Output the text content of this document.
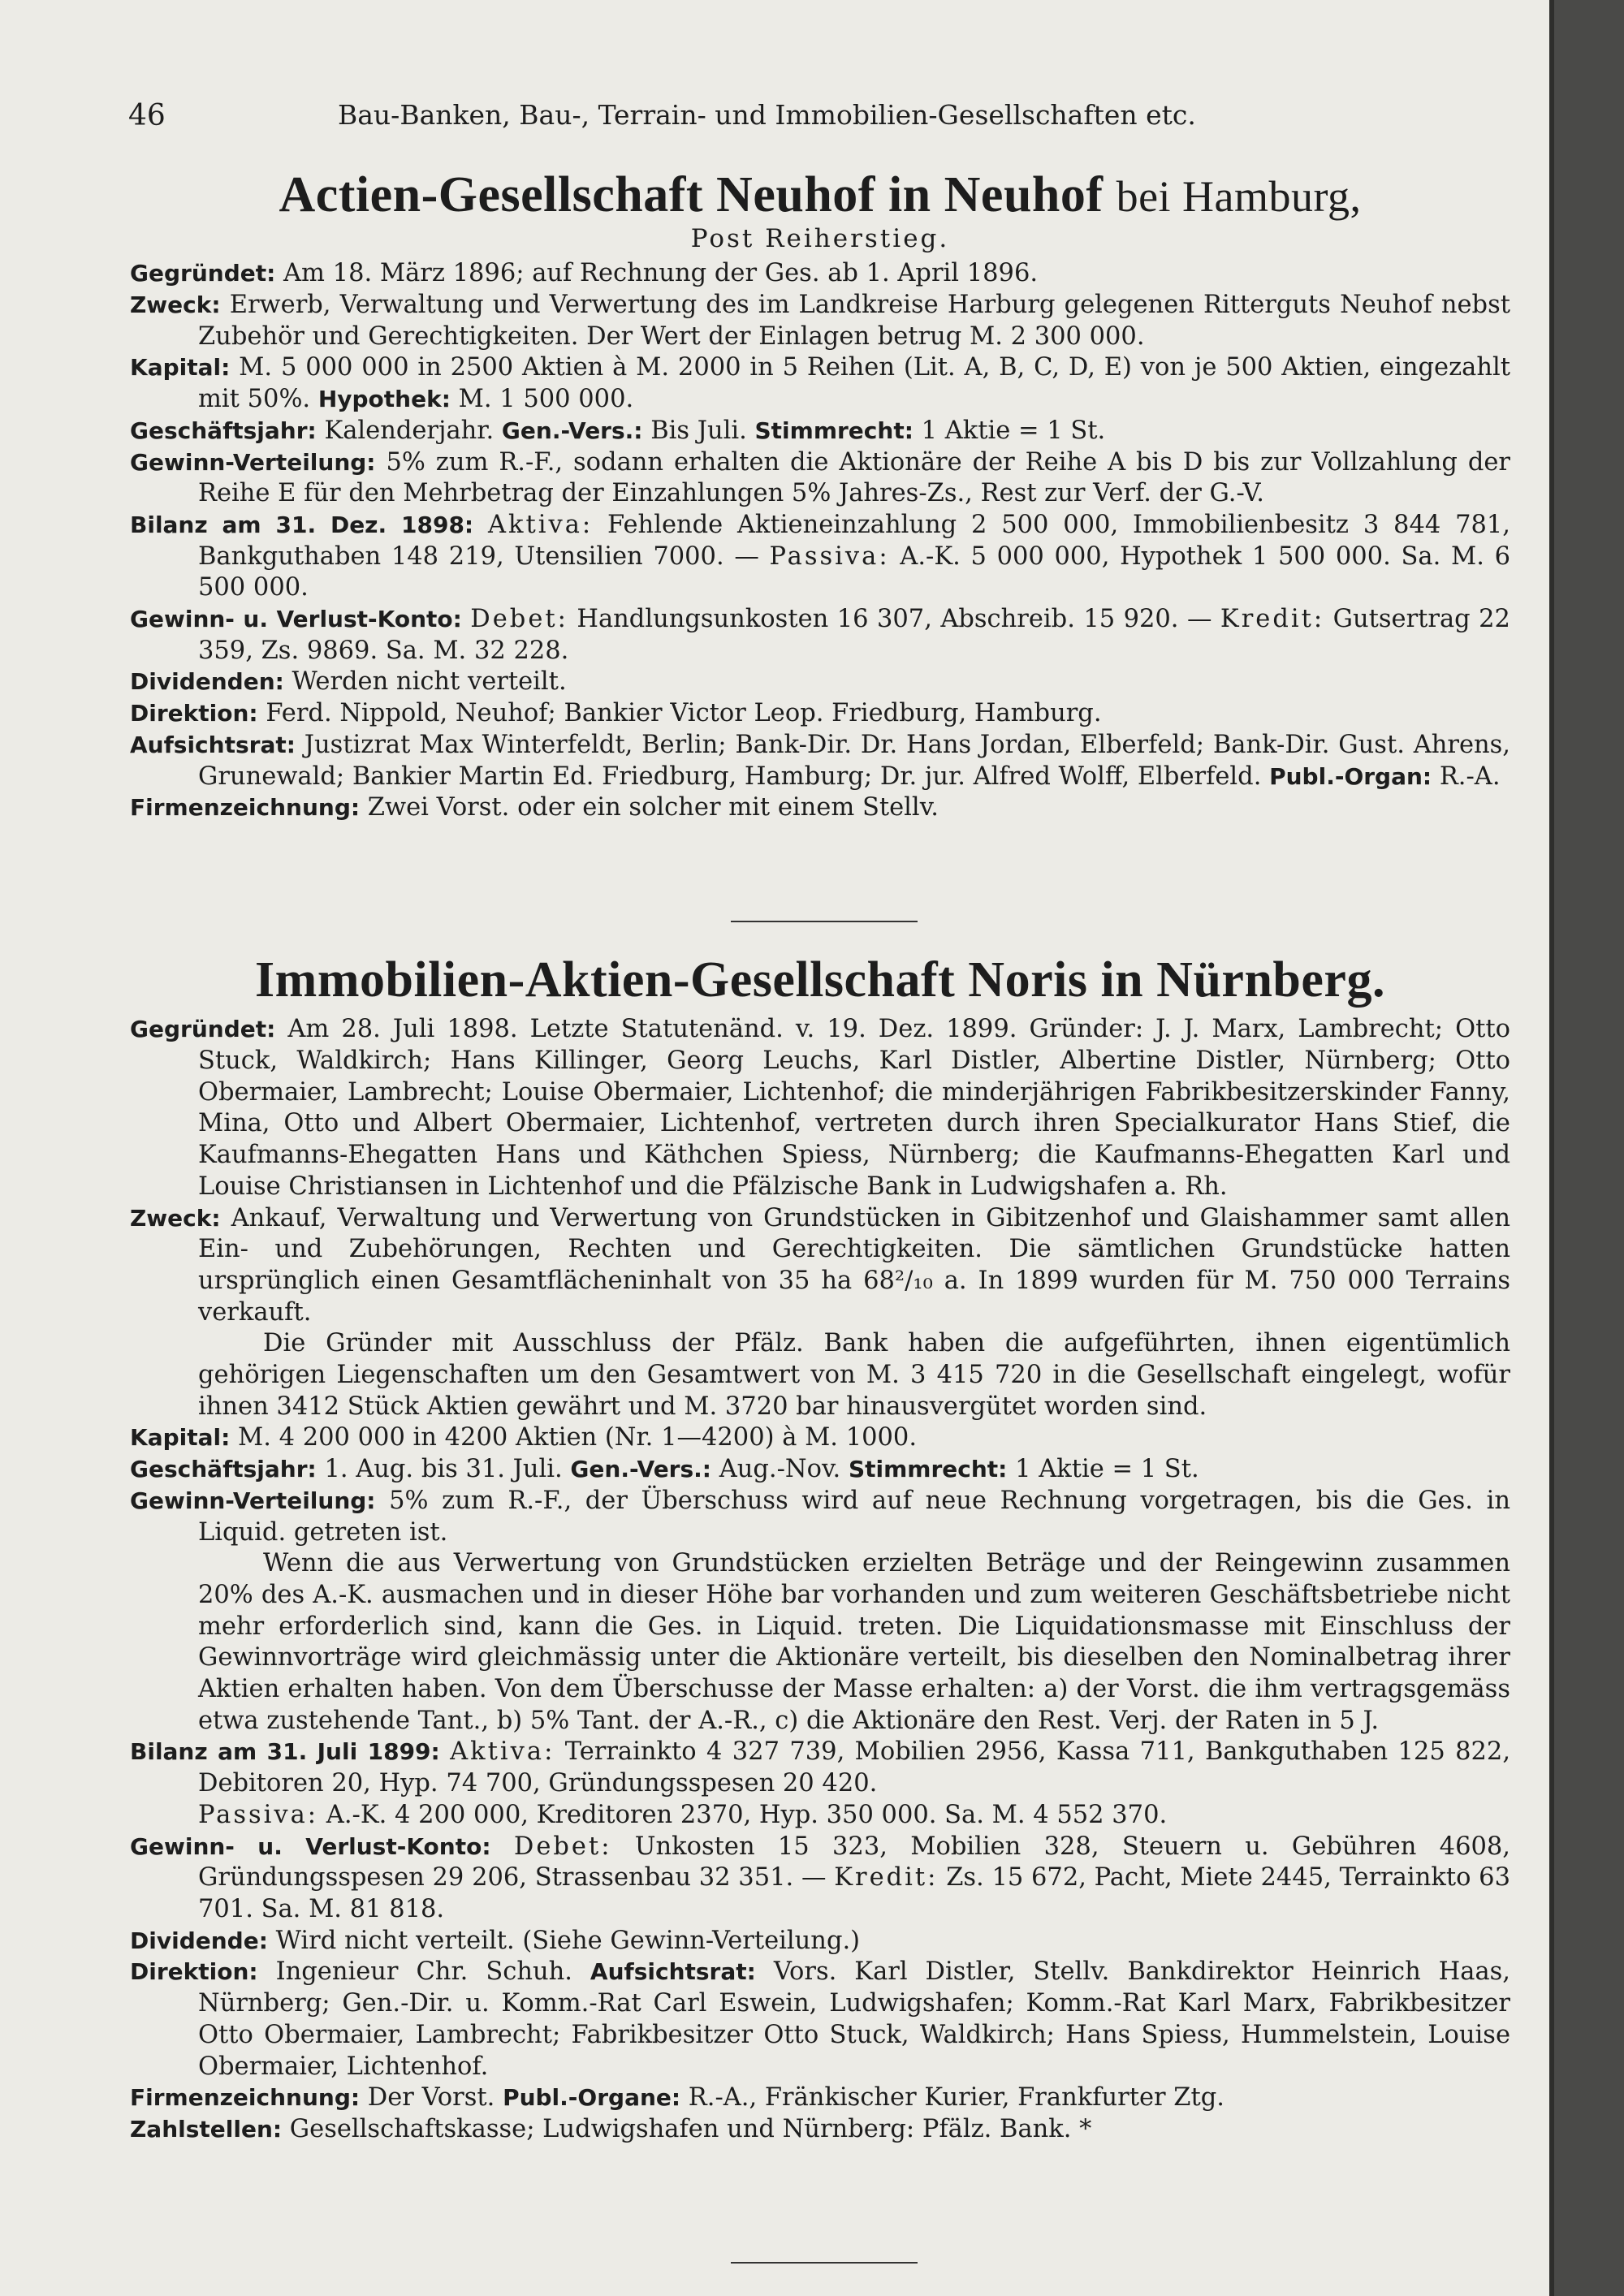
46	Bau-Banken, Bau-, Terrain- und Immobilien-Gesellschaften etc.
Actien-Gesellschaft Neuhof in Neuhof bei Hamburg,

Post Reiherstieg.

Gegründet: Am 18. März 1896; auf Rechnung der Ges. ab 1. April 1896.

Zweck: Erwerb, Verwaltung und Verwertung des im Landkreise Harburg gelegenen Ritterguts Neuhof nebst Zubehör und Gerechtigkeiten. Der Wert der Einlagen betrug M. 2 300 000.

Kapital: M. 5 000 000 in 2500 Aktien à M. 2000 in 5 Reihen (Lit. A, B, C, D, E) von je 500 Aktien, eingezahlt mit 50%. Hypothek: M. 1 500 000.

Geschäftsjahr: Kalenderjahr. Gen.-Vers.: Bis Juli. Stimmrecht: 1 Aktie = 1 St.

Gewinn-Verteilung: 5% zum R.-F., sodann erhalten die Aktionäre der Reihe A bis D bis zur Vollzahlung der Reihe E für den Mehrbetrag der Einzahlungen 5% Jahres-Zs., Rest zur Verf. der G.-V.

Bilanz am 31. Dez. 1898: Aktiva: Fehlende Aktieneinzahlung 2 500 000, Immobilienbesitz 3 844 781, Bankguthaben 148 219, Utensilien 7000. — Passiva: A.-K. 5 000 000, Hypothek 1 500 000. Sa. M. 6 500 000.

Gewinn- u. Verlust-Konto: Debet: Handlungsunkosten 16 307, Abschreib. 15 920. — Kredit: Gutsertrag 22 359, Zs. 9869. Sa. M. 32 228.

Dividenden: Werden nicht verteilt.

Direktion: Ferd. Nippold, Neuhof; Bankier Victor Leop. Friedburg, Hamburg.

Aufsichtsrat: Justizrat Max Winterfeldt, Berlin; Bank-Dir. Dr. Hans Jordan, Elberfeld; Bank-Dir. Gust. Ahrens, Grunewald; Bankier Martin Ed. Friedburg, Hamburg; Dr. jur. Alfred Wolff, Elberfeld. Publ.-Organ: R.-A.

Firmenzeichnung: Zwei Vorst. oder ein solcher mit einem Stellv.

Immobilien-Aktien-Gesellschaft Noris in Nürnberg.

Gegründet: Am 28. Juli 1898. Letzte Statutenänd. v. 19. Dez. 1899. Gründer: J. J. Marx, Lambrecht; Otto Stuck, Waldkirch; Hans Killinger, Georg Leuchs, Karl Distler, Albertine Distler, Nürnberg; Otto Obermaier, Lambrecht; Louise Obermaier, Lichtenhof; die minderjährigen Fabrikbesitzerskinder Fanny, Mina, Otto und Albert Obermaier, Lichtenhof, vertreten durch ihren Specialkurator Hans Stief, die Kaufmanns-Ehegatten Hans und Käthchen Spiess, Nürnberg; die Kaufmanns-Ehegatten Karl und Louise Christiansen in Lichtenhof und die Pfälzische Bank in Ludwigshafen a. Rh.

Zweck: Ankauf, Verwaltung und Verwertung von Grundstücken in Gibitzenhof und Glaishammer samt allen Ein- und Zubehörungen, Rechten und Gerechtigkeiten. Die sämtlichen Grundstücke hatten ursprünglich einen Gesamtflächeninhalt von 35 ha 68²/₁₀ a. In 1899 wurden für M. 750 000 Terrains verkauft.

Die Gründer mit Ausschluss der Pfälz. Bank haben die aufgeführten, ihnen eigentümlich gehörigen Liegenschaften um den Gesamtwert von M. 3 415 720 in die Gesellschaft eingelegt, wofür ihnen 3412 Stück Aktien gewährt und M. 3720 bar hinausvergütet worden sind.

Kapital: M. 4 200 000 in 4200 Aktien (Nr. 1—4200) à M. 1000.

Geschäftsjahr: 1. Aug. bis 31. Juli. Gen.-Vers.: Aug.-Nov. Stimmrecht: 1 Aktie = 1 St.

Gewinn-Verteilung: 5% zum R.-F., der Überschuss wird auf neue Rechnung vorgetragen, bis die Ges. in Liquid. getreten ist.

Wenn die aus Verwertung von Grundstücken erzielten Beträge und der Reingewinn zusammen 20% des A.-K. ausmachen und in dieser Höhe bar vorhanden und zum weiteren Geschäftsbetriebe nicht mehr erforderlich sind, kann die Ges. in Liquid. treten. Die Liquidationsmasse mit Einschluss der Gewinnvorträge wird gleichmässig unter die Aktionäre verteilt, bis dieselben den Nominalbetrag ihrer Aktien erhalten haben. Von dem Überschusse der Masse erhalten: a) der Vorst. die ihm vertragsgemäss etwa zustehende Tant., b) 5% Tant. der A.-R., c) die Aktionäre den Rest. Verj. der Raten in 5 J.

Bilanz am 31. Juli 1899: Aktiva: Terrainkto 4 327 739, Mobilien 2956, Kassa 711, Bankguthaben 125 822, Debitoren 20, Hyp. 74 700, Gründungsspesen 20 420.
Passiva: A.-K. 4 200 000, Kreditoren 2370, Hyp. 350 000. Sa. M. 4 552 370.

Gewinn- u. Verlust-Konto: Debet: Unkosten 15 323, Mobilien 328, Steuern u. Gebühren 4608, Gründungsspesen 29 206, Strassenbau 32 351. — Kredit: Zs. 15 672, Pacht, Miete 2445, Terrainkto 63 701. Sa. M. 81 818.

Dividende: Wird nicht verteilt. (Siehe Gewinn-Verteilung.)

Direktion: Ingenieur Chr. Schuh. Aufsichtsrat: Vors. Karl Distler, Stellv. Bankdirektor Heinrich Haas, Nürnberg; Gen.-Dir. u. Komm.-Rat Carl Eswein, Ludwigshafen; Komm.-Rat Karl Marx, Fabrikbesitzer Otto Obermaier, Lambrecht; Fabrikbesitzer Otto Stuck, Waldkirch; Hans Spiess, Hummelstein, Louise Obermaier, Lichtenhof.

Firmenzeichnung: Der Vorst. Publ.-Organe: R.-A., Fränkischer Kurier, Frankfurter Ztg.

Zahlstellen: Gesellschaftskasse; Ludwigshafen und Nürnberg: Pfälz. Bank. *
